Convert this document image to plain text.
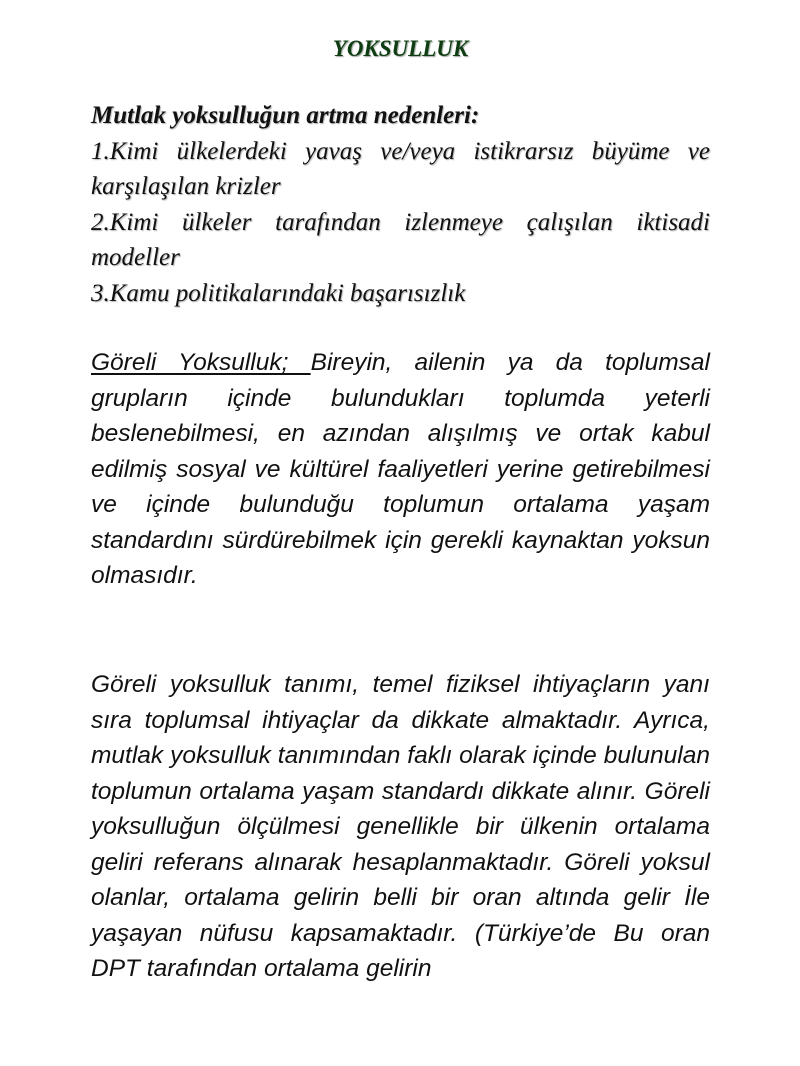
YOKSULLUK

Mutlak yoksulluğun artma nedenleri:

1.Kimi ülkelerdeki yavaş ve/veya istikrarsız büyüme ve karşılaşılan krizler

2.Kimi ülkeler tarafından izlenmeye çalışılan iktisadi modeller

3.Kamu politikalarındaki başarısızlık

Göreli Yoksulluk; Bireyin, ailenin ya da toplumsal grupların içinde bulundukları toplumda yeterli beslenebilmesi, en azından alışılmış ve ortak kabul edilmiş sosyal ve kültürel faaliyetleri yerine getirebilmesi ve içinde bulunduğu toplumun ortalama yaşam standardını sürdürebilmek için gerekli kaynaktan yoksun olmasıdır.

Göreli yoksulluk tanımı, temel fiziksel ihtiyaçların yanı sıra toplumsal ihtiyaçlar da dikkate almaktadır. Ayrıca, mutlak yoksulluk tanımından faklı olarak içinde bulunulan toplumun ortalama yaşam standardı dikkate alınır. Göreli yoksulluğun ölçülmesi genellikle bir ülkenin ortalama geliri referans alınarak hesaplanmaktadır. Göreli yoksul olanlar, ortalama gelirin belli bir oran altında gelir İle yaşayan nüfusu kapsamaktadır. (Türkiye’de Bu oran DPT tarafından ortalama gelirin
